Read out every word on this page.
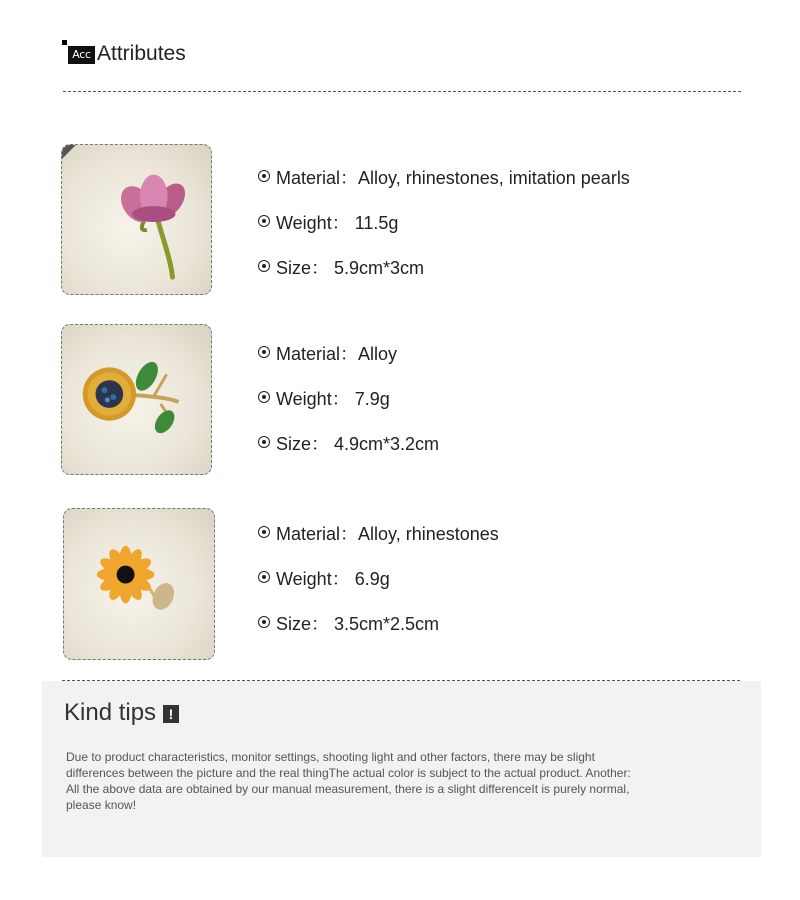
Acc Attributes
Material：Alloy, rhinestones, imitation pearls
Weight： 11.5g
Size： 5.9cm*3cm
Material：Alloy
Weight： 7.9g
Size： 4.9cm*3.2cm
Material：Alloy, rhinestones
Weight： 6.9g
Size： 3.5cm*2.5cm
Kind tips !
Due to product characteristics, monitor settings, shooting light and other factors, there may be slight differences between the picture and the real thingThe actual color is subject to the actual product. Another: All the above data are obtained by our manual measurement, there is a slight differenceIt is purely normal, please know!
